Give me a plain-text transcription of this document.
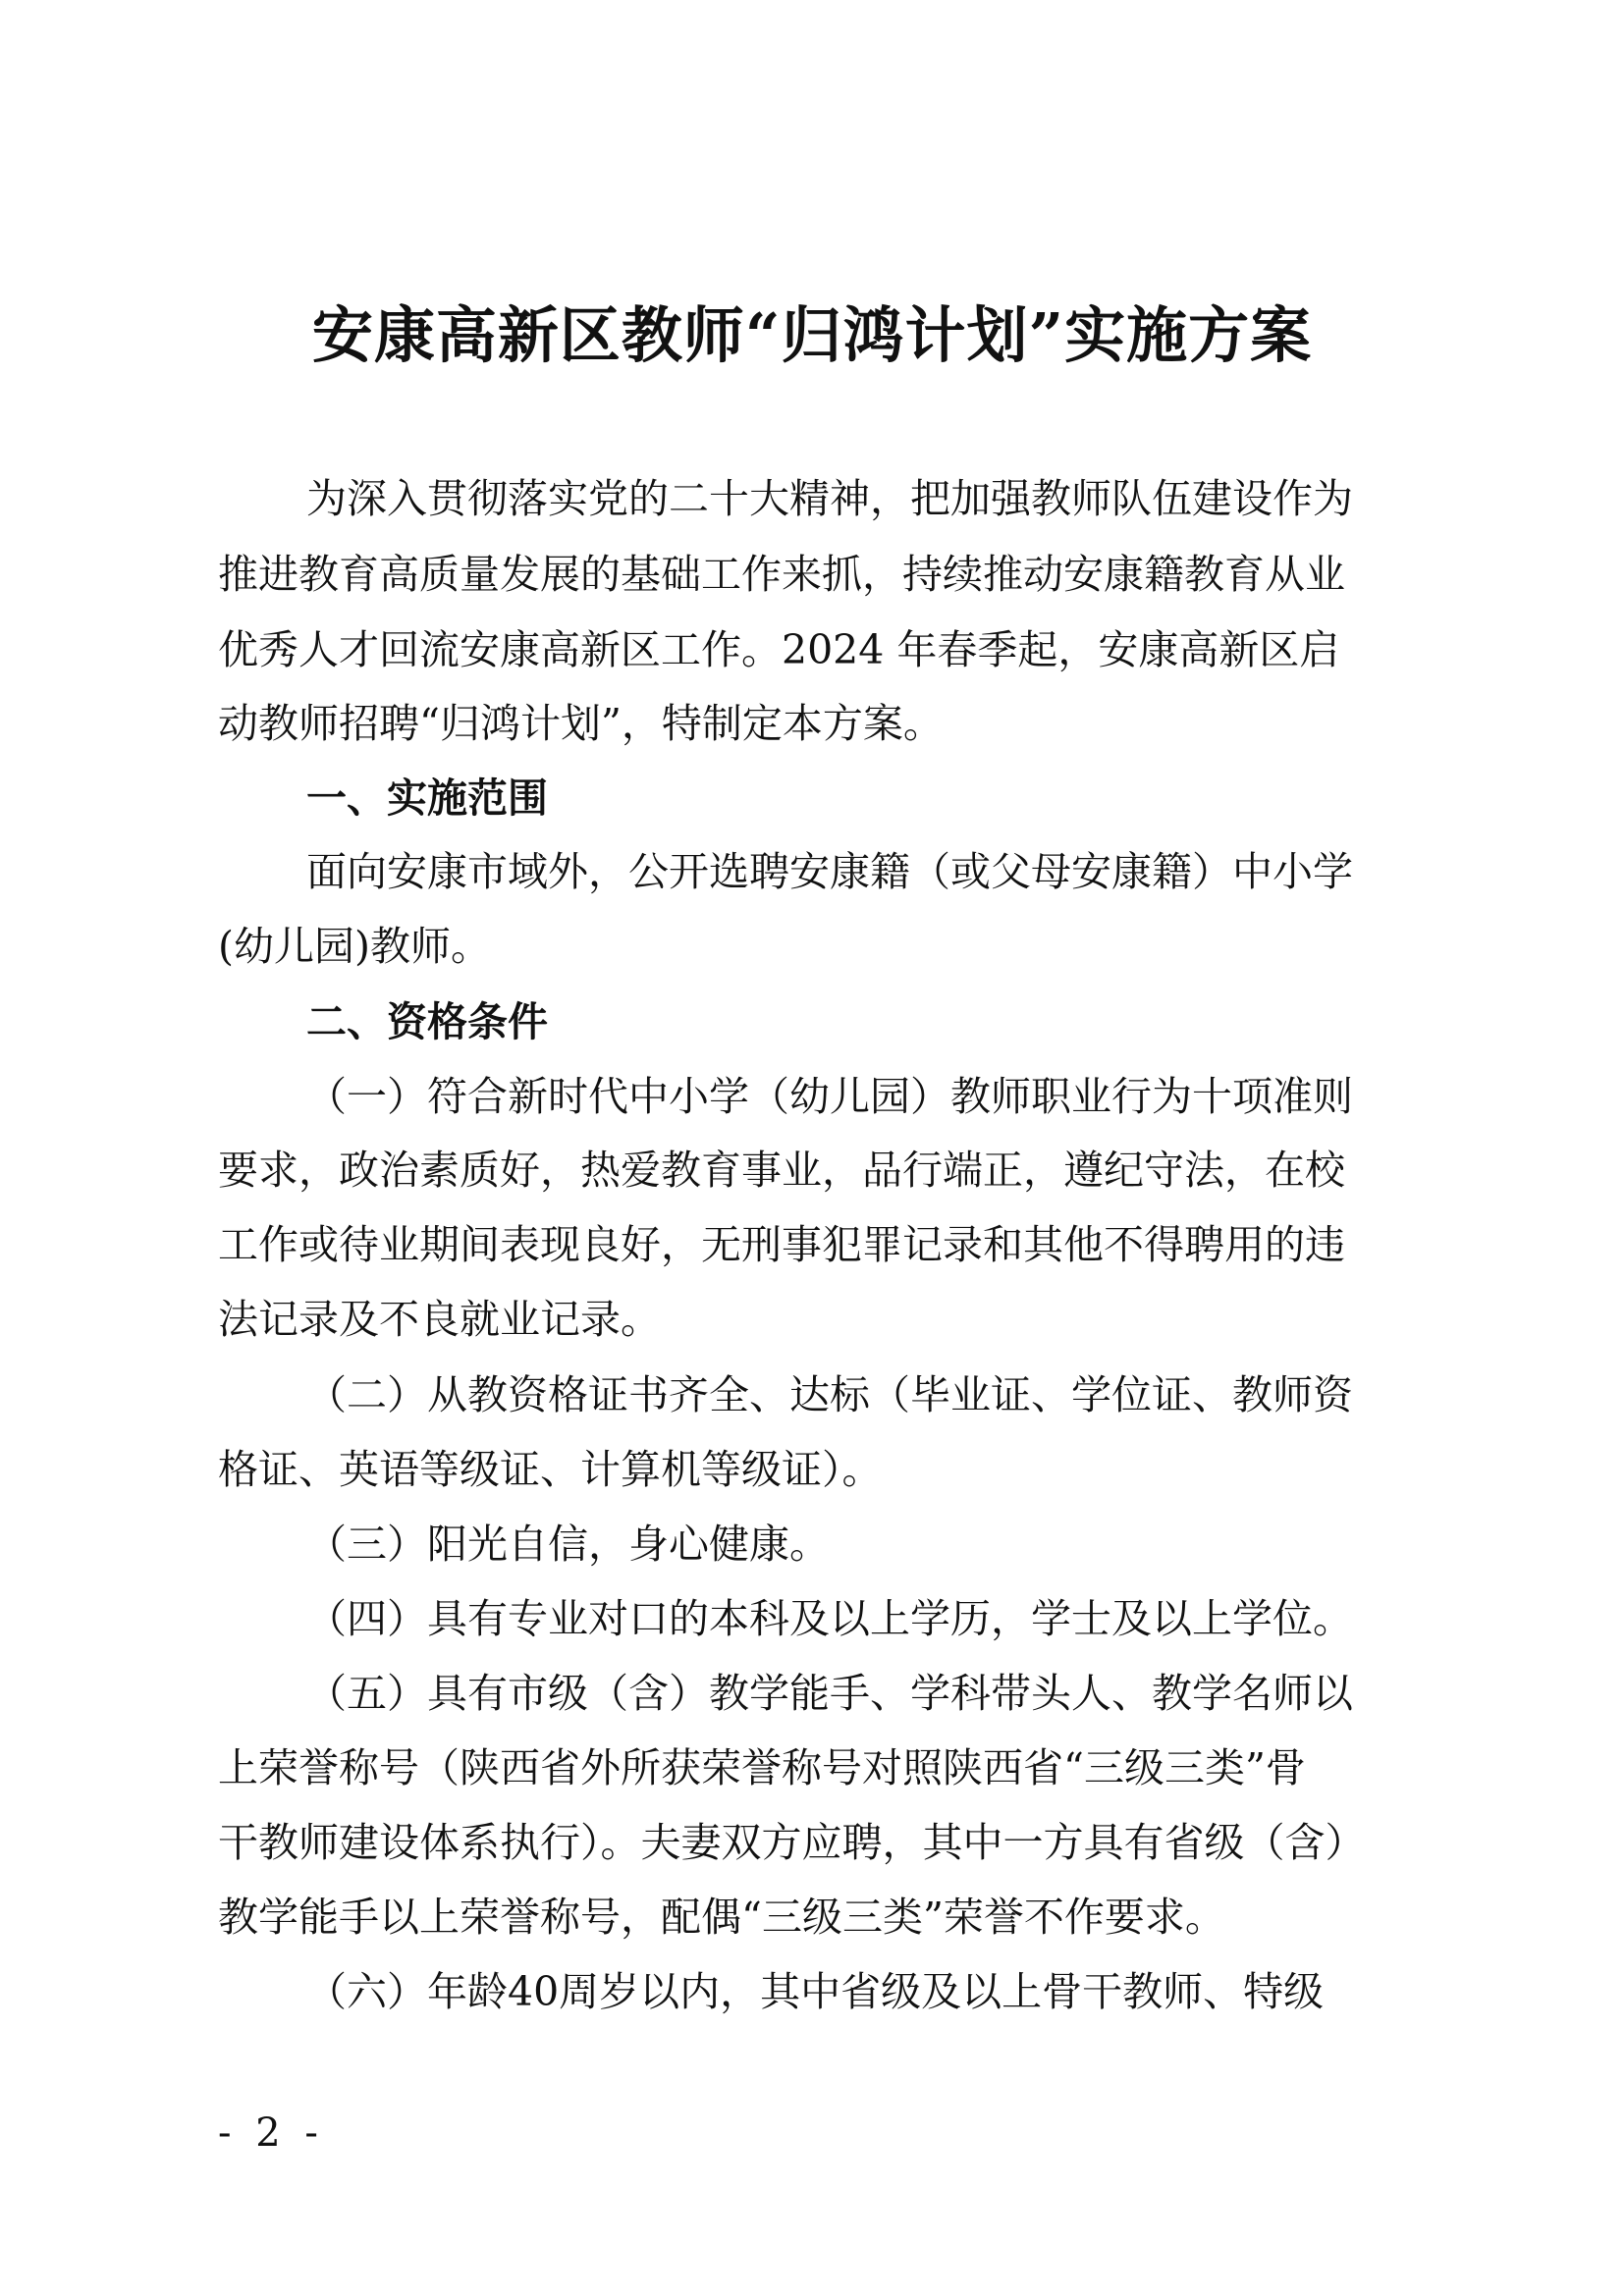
安康高新区教师“归鸿计划”实施方案

为深入贯彻落实党的二十大精神，把加强教师队伍建设作为

推进教育高质量发展的基础工作来抓，持续推动安康籍教育从业

优秀人才回流安康高新区工作。2024 年春季起，安康高新区启

动教师招聘“归鸿计划”，特制定本方案。

一、实施范围

面向安康市域外，公开选聘安康籍（或父母安康籍）中小学

(幼儿园)教师。

二、资格条件

（一）符合新时代中小学（幼儿园）教师职业行为十项准则

要求，政治素质好，热爱教育事业，品行端正，遵纪守法，在校

工作或待业期间表现良好，无刑事犯罪记录和其他不得聘用的违

法记录及不良就业记录。

（二）从教资格证书齐全、达标（毕业证、学位证、教师资

格证、英语等级证、计算机等级证）。

（三）阳光自信，身心健康。

（四）具有专业对口的本科及以上学历，学士及以上学位。

（五）具有市级（含）教学能手、学科带头人、教学名师以

上荣誉称号（陕西省外所获荣誉称号对照陕西省“三级三类”骨

干教师建设体系执行）。夫妻双方应聘，其中一方具有省级（含）

教学能手以上荣誉称号，配偶“三级三类”荣誉不作要求。

（六）年龄40周岁以内，其中省级及以上骨干教师、特级

- 2 -
